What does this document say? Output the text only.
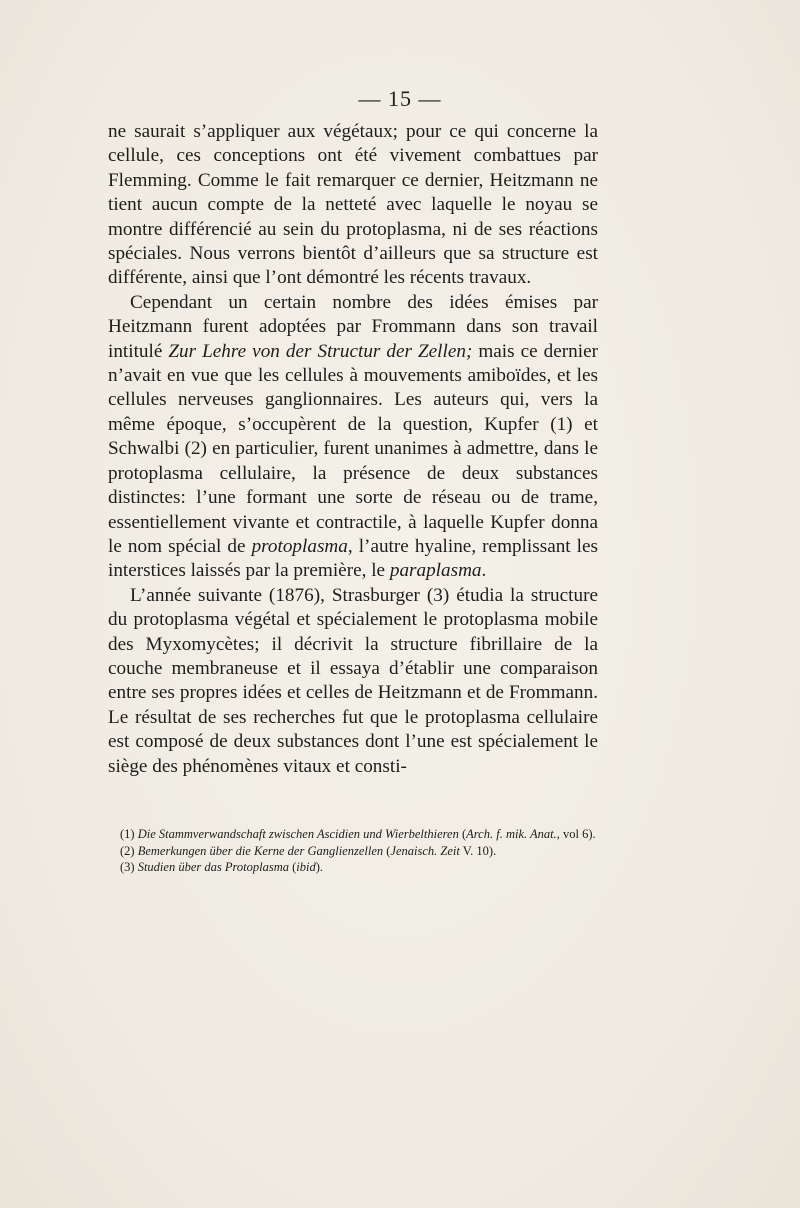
— 15 —

ne saurait s’appliquer aux végétaux; pour ce qui concerne la cellule, ces conceptions ont été vivement combattues par Flemming. Comme le fait remarquer ce dernier, Heitzmann ne tient aucun compte de la netteté avec laquelle le noyau se montre différencié au sein du protoplasma, ni de ses réactions spéciales. Nous verrons bientôt d’ailleurs que sa structure est différente, ainsi que l’ont démontré les récents travaux.

Cependant un certain nombre des idées émises par Heitzmann furent adoptées par Frommann dans son travail intitulé Zur Lehre von der Structur der Zellen; mais ce dernier n’avait en vue que les cellules à mouvements amiboïdes, et les cellules nerveuses ganglionnaires. Les auteurs qui, vers la même époque, s’occupèrent de la question, Kupfer (1) et Schwalbi (2) en particulier, furent unanimes à admettre, dans le protoplasma cellulaire, la présence de deux substances distinctes: l’une formant une sorte de réseau ou de trame, essentiellement vivante et contractile, à laquelle Kupfer donna le nom spécial de protoplasma, l’autre hyaline, remplissant les interstices laissés par la première, le paraplasma.

L’année suivante (1876), Strasburger (3) étudia la structure du protoplasma végétal et spécialement le protoplasma mobile des Myxomycètes; il décrivit la structure fibrillaire de la couche membraneuse et il essaya d’établir une comparaison entre ses propres idées et celles de Heitzmann et de Frommann. Le résultat de ses recherches fut que le protoplasma cellulaire est composé de deux substances dont l’une est spécialement le siège des phénomènes vitaux et consti-

(1) Die Stammverwandschaft zwischen Ascidien und Wierbelthieren (Arch. f. mik. Anat., vol 6).

(2) Bemerkungen über die Kerne der Ganglienzellen (Jenaisch. Zeit V. 10).

(3) Studien über das Protoplasma (ibid).
